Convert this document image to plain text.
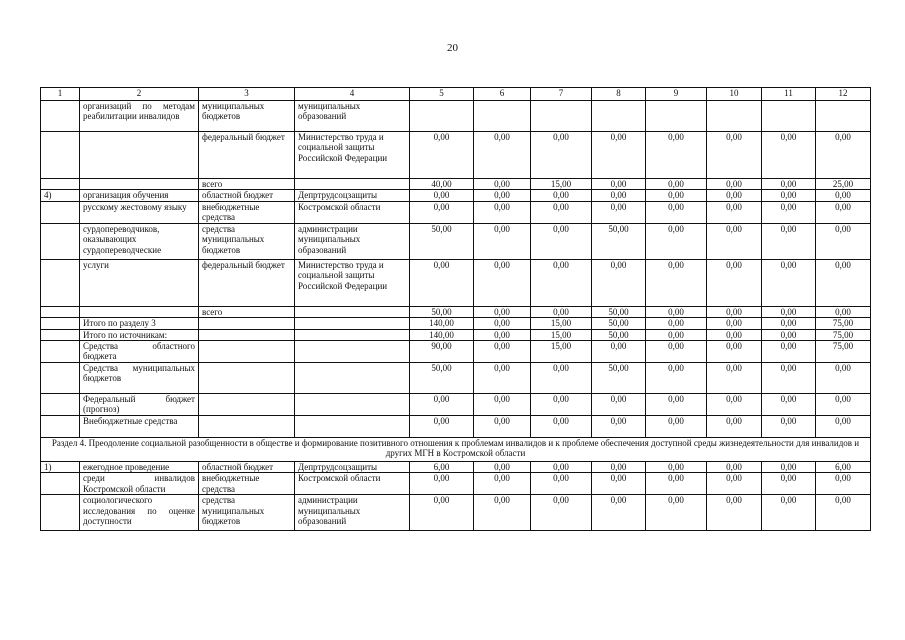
20
1	2	3	4	5	6	7	8	9	10	11	12
	организаций по методам реабилитации инвалидов	муниципальных бюджетов	муниципальных образований								
		федеральный бюджет	Министерство труда и социальной защиты Российской Федерации	0,00	0,00	0,00	0,00	0,00	0,00	0,00	0,00
		всего		40,00	0,00	15,00	0,00	0,00	0,00	0,00	25,00
4)	организация обучения	областной бюджет	Депртрудсоцзащиты	0,00	0,00	0,00	0,00	0,00	0,00	0,00	0,00
	русскому жестовому языку	внебюджетные средства	Костромской области	0,00	0,00	0,00	0,00	0,00	0,00	0,00	0,00
	сурдопереводчиков, оказывающих сурдопереводческие	средства муниципальных бюджетов	администрации муниципальных образований	50,00	0,00	0,00	50,00	0,00	0,00	0,00	0,00
	услуги	федеральный бюджет	Министерство труда и социальной защиты Российской Федерации	0,00	0,00	0,00	0,00	0,00	0,00	0,00	0,00
		всего		50,00	0,00	0,00	50,00	0,00	0,00	0,00	0,00
	Итого по разделу 3			140,00	0,00	15,00	50,00	0,00	0,00	0,00	75,00
	Итого по источникам:			140,00	0,00	15,00	50,00	0,00	0,00	0,00	75,00
	Средства областного бюджета			90,00	0,00	15,00	0,00	0,00	0,00	0,00	75,00
	Средства муниципальных бюджетов			50,00	0,00	0,00	50,00	0,00	0,00	0,00	0,00
	Федеральный бюджет (прогноз)			0,00	0,00	0,00	0,00	0,00	0,00	0,00	0,00
	Внебюджетные средства			0,00	0,00	0,00	0,00	0,00	0,00	0,00	0,00
Раздел 4. Преодоление социальной разобщенности в обществе и формирование позитивного отношения к проблемам инвалидов и к проблеме обеспечения доступной среды жизнедеятельности для инвалидов и других МГН в Костромской области											
1)	ежегодное проведение	областной бюджет	Депртрудсоцзащиты	6,00	0,00	0,00	0,00	0,00	0,00	0,00	6,00
	среди инвалидов Костромской области	внебюджетные средства	Костромской области	0,00	0,00	0,00	0,00	0,00	0,00	0,00	0,00
	социологического исследования по оценке доступности	средства муниципальных бюджетов	администрации муниципальных образований	0,00	0,00	0,00	0,00	0,00	0,00	0,00	0,00
